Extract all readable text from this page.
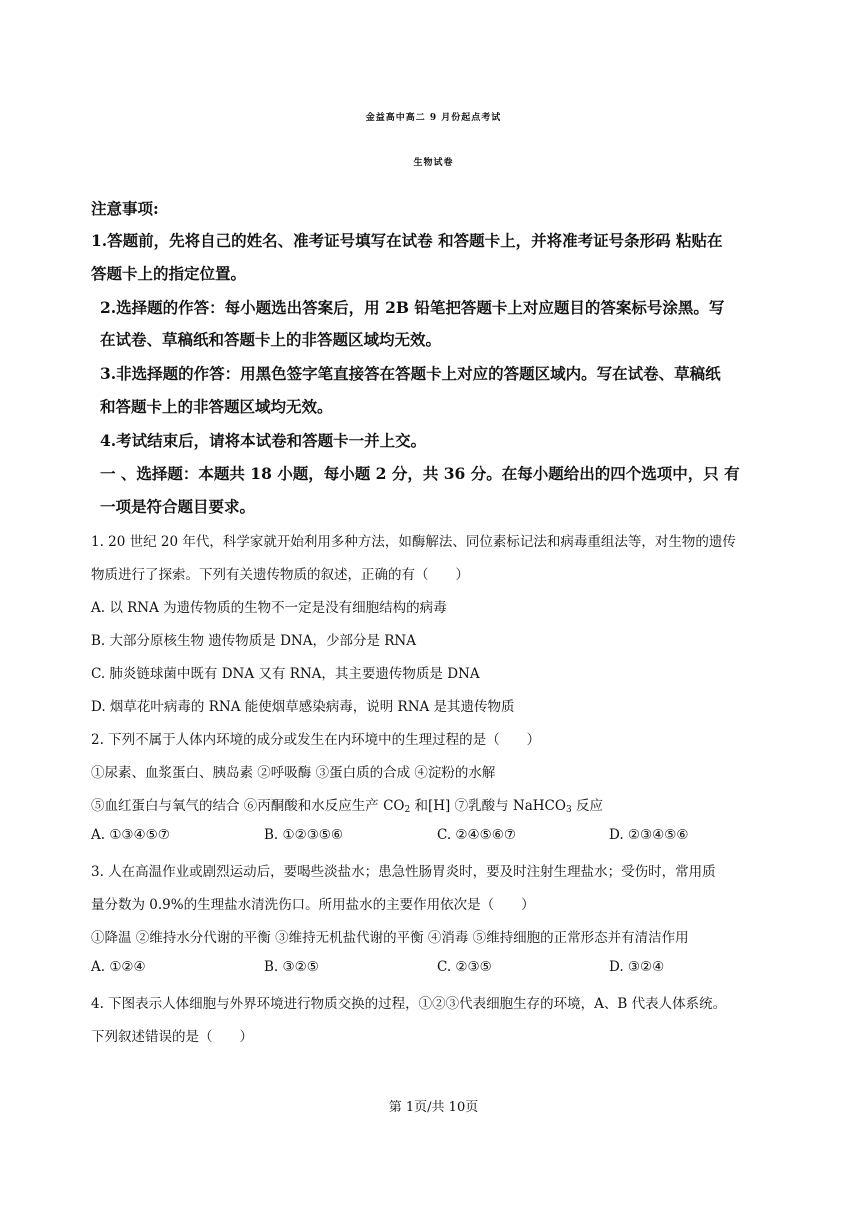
金益高中高二 9 月份起点考试
生物试卷
注意事项:
1.答题前，先将自己的姓名、准考证号填写在试卷 和答题卡上，并将准考证号条形码 粘贴在
答题卡上的指定位置。
2.选择题的作答：每小题选出答案后，用 2B 铅笔把答题卡上对应题目的答案标号涂黑。写
在试卷、草稿纸和答题卡上的非答题区域均无效。
3.非选择题的作答：用黑色签字笔直接答在答题卡上对应的答题区域内。写在试卷、草稿纸
和答题卡上的非答题区域均无效。
4.考试结束后，请将本试卷和答题卡一并上交。
一 、选择题：本题共 18 小题，每小题 2 分，共 36 分。在每小题给出的四个选项中，只 有
一项是符合题目要求。
1. 20 世纪 20 年代，科学家就开始利用多种方法，如酶解法、同位素标记法和病毒重组法等，对生物的遗传
物质进行了探索。下列有关遗传物质的叙述，正确的有（　　）
A. 以 RNA 为遗传物质的生物不一定是没有细胞结构的病毒
B. 大部分原核生物 遗传物质是 DNA，少部分是 RNA
C. 肺炎链球菌中既有 DNA 又有 RNA，其主要遗传物质是 DNA
D. 烟草花叶病毒的 RNA 能使烟草感染病毒，说明 RNA 是其遗传物质
2. 下列不属于人体内环境的成分或发生在内环境中的生理过程的是（　　）
①尿素、血浆蛋白、胰岛素 ②呼吸酶 ③蛋白质的合成 ④淀粉的水解
⑤血红蛋白与氧气的结合 ⑥丙酮酸和水反应生产 $CO_2$ 和[H] ⑦乳酸与 NaHCO$_3$ 反应
A. ①③④⑤⑦	B. ①②③⑤⑥	C. ②④⑤⑥⑦	D. ②③④⑤⑥
3. 人在高温作业或剧烈运动后，要喝些淡盐水；患急性肠胃炎时，要及时注射生理盐水；受伤时，常用质
量分数为 0.9%的生理盐水清洗伤口。所用盐水的主要作用依次是（　　）
①降温 ②维持水分代谢的平衡 ③维持无机盐代谢的平衡 ④消毒 ⑤维持细胞的正常形态并有清洁作用
A. ①②④	B. ③②⑤	C. ②③⑤	D. ③②④
4. 下图表示人体细胞与外界环境进行物质交换的过程，①②③代表细胞生存的环境，A、B 代表人体系统。
下列叙述错误的是（　　）
第 1页/共 10页
